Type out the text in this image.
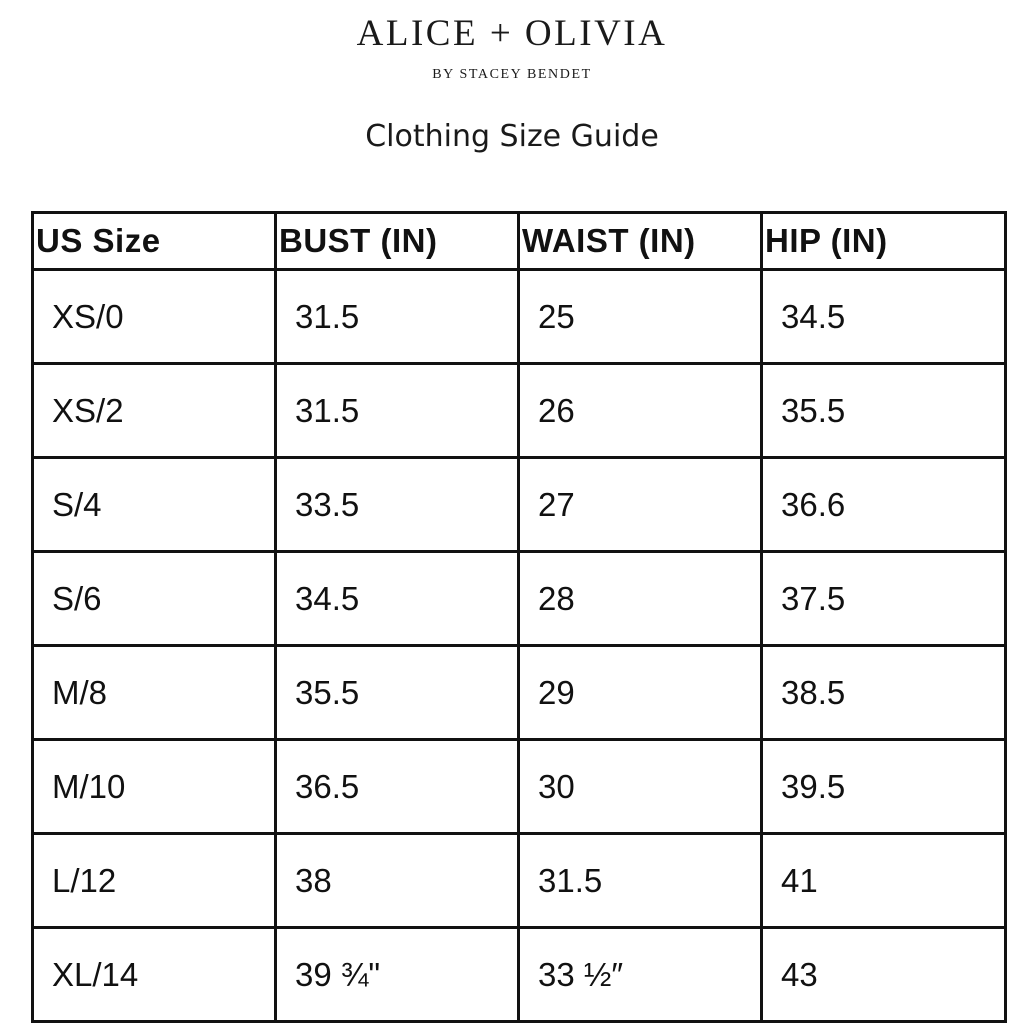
ALICE + OLIVIA
BY STACEY BENDET
Clothing Size Guide
US Size	BUST (IN)	WAIST (IN)	HIP (IN)
XS/0	31.5	25	34.5
XS/2	31.5	26	35.5
S/4	33.5	27	36.6
S/6	34.5	28	37.5
M/8	35.5	29	38.5
M/10	36.5	30	39.5
L/12	38	31.5	41
XL/14	39 ¾"	33 ½″	43
